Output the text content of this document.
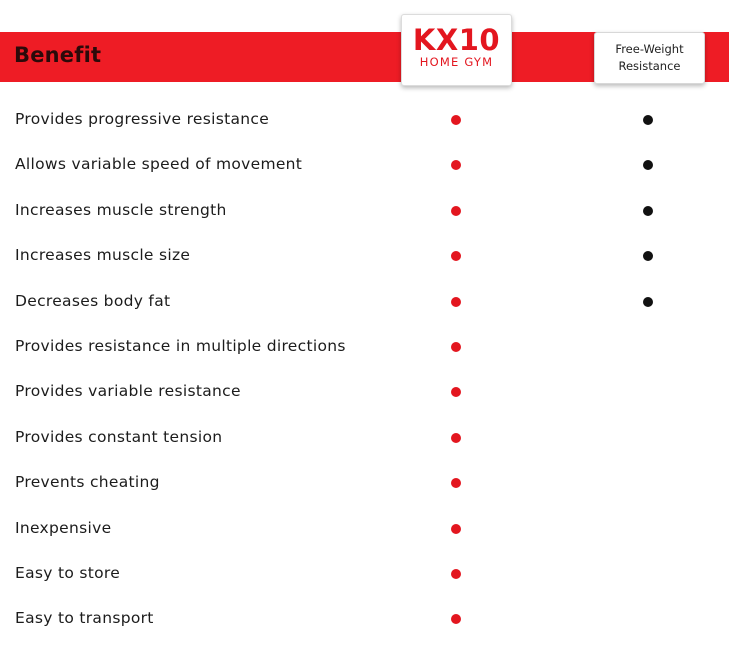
Benefit	KX10
HOME GYM
Free-Weight
Resistance
Provides progressive resistance
Allows variable speed of movement
Increases muscle strength
Increases muscle size
Decreases body fat
Provides resistance in multiple directions
Provides variable resistance
Provides constant tension
Prevents cheating
Inexpensive
Easy to store
Easy to transport
